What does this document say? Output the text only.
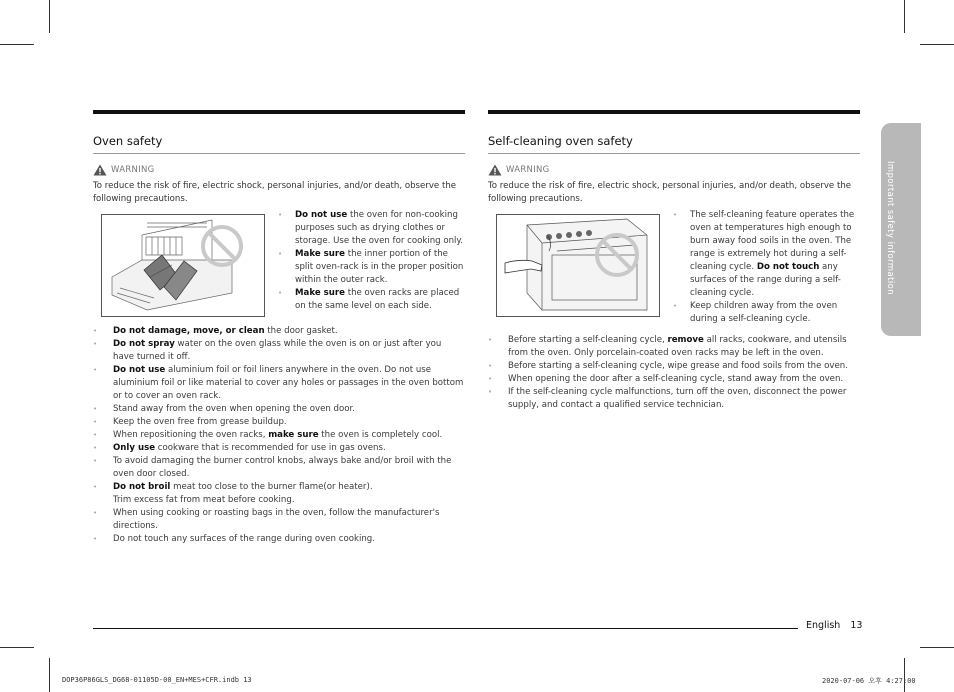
Oven safety
WARNING
To reduce the risk of fire, electric shock, personal injuries, and/or death, observe the following precautions.
• Do not use the oven for non-cooking purposes such as drying clothes or storage. Use the oven for cooking only.
• Make sure the inner portion of the split oven-rack is in the proper position within the outer rack.
• Make sure the oven racks are placed on the same level on each side.
• Do not damage, move, or clean the door gasket.
• Do not spray water on the oven glass while the oven is on or just after you have turned it off.
• Do not use aluminium foil or foil liners anywhere in the oven. Do not use aluminium foil or like material to cover any holes or passages in the oven bottom or to cover an oven rack.
• Stand away from the oven when opening the oven door.
• Keep the oven free from grease buildup.
• When repositioning the oven racks, make sure the oven is completely cool.
• Only use cookware that is recommended for use in gas ovens.
• To avoid damaging the burner control knobs, always bake and/or broil with the oven door closed.
• Do not broil meat too close to the burner flame(or heater).
Trim excess fat from meat before cooking.
• When using cooking or roasting bags in the oven, follow the manufacturer's directions.
• Do not touch any surfaces of the range during oven cooking.
Self-cleaning oven safety
WARNING
To reduce the risk of fire, electric shock, personal injuries, and/or death, observe the following precautions.
• The self-cleaning feature operates the oven at temperatures high enough to burn away food soils in the oven. The range is extremely hot during a self-cleaning cycle. Do not touch any surfaces of the range during a self-cleaning cycle.
• Keep children away from the oven during a self-cleaning cycle.
• Before starting a self-cleaning cycle, remove all racks, cookware, and utensils from the oven. Only porcelain-coated oven racks may be left in the oven.
• Before starting a self-cleaning cycle, wipe grease and food soils from the oven.
• When opening the door after a self-cleaning cycle, stand away from the oven.
• If the self-cleaning cycle malfunctions, turn off the oven, disconnect the power supply, and contact a qualified service technician.
Important safety information
English 13
DOP36P86GLS_DG68-01105D-00_EN+MES+CFR.indb 13	2020-07-06 오후 4:27:00
